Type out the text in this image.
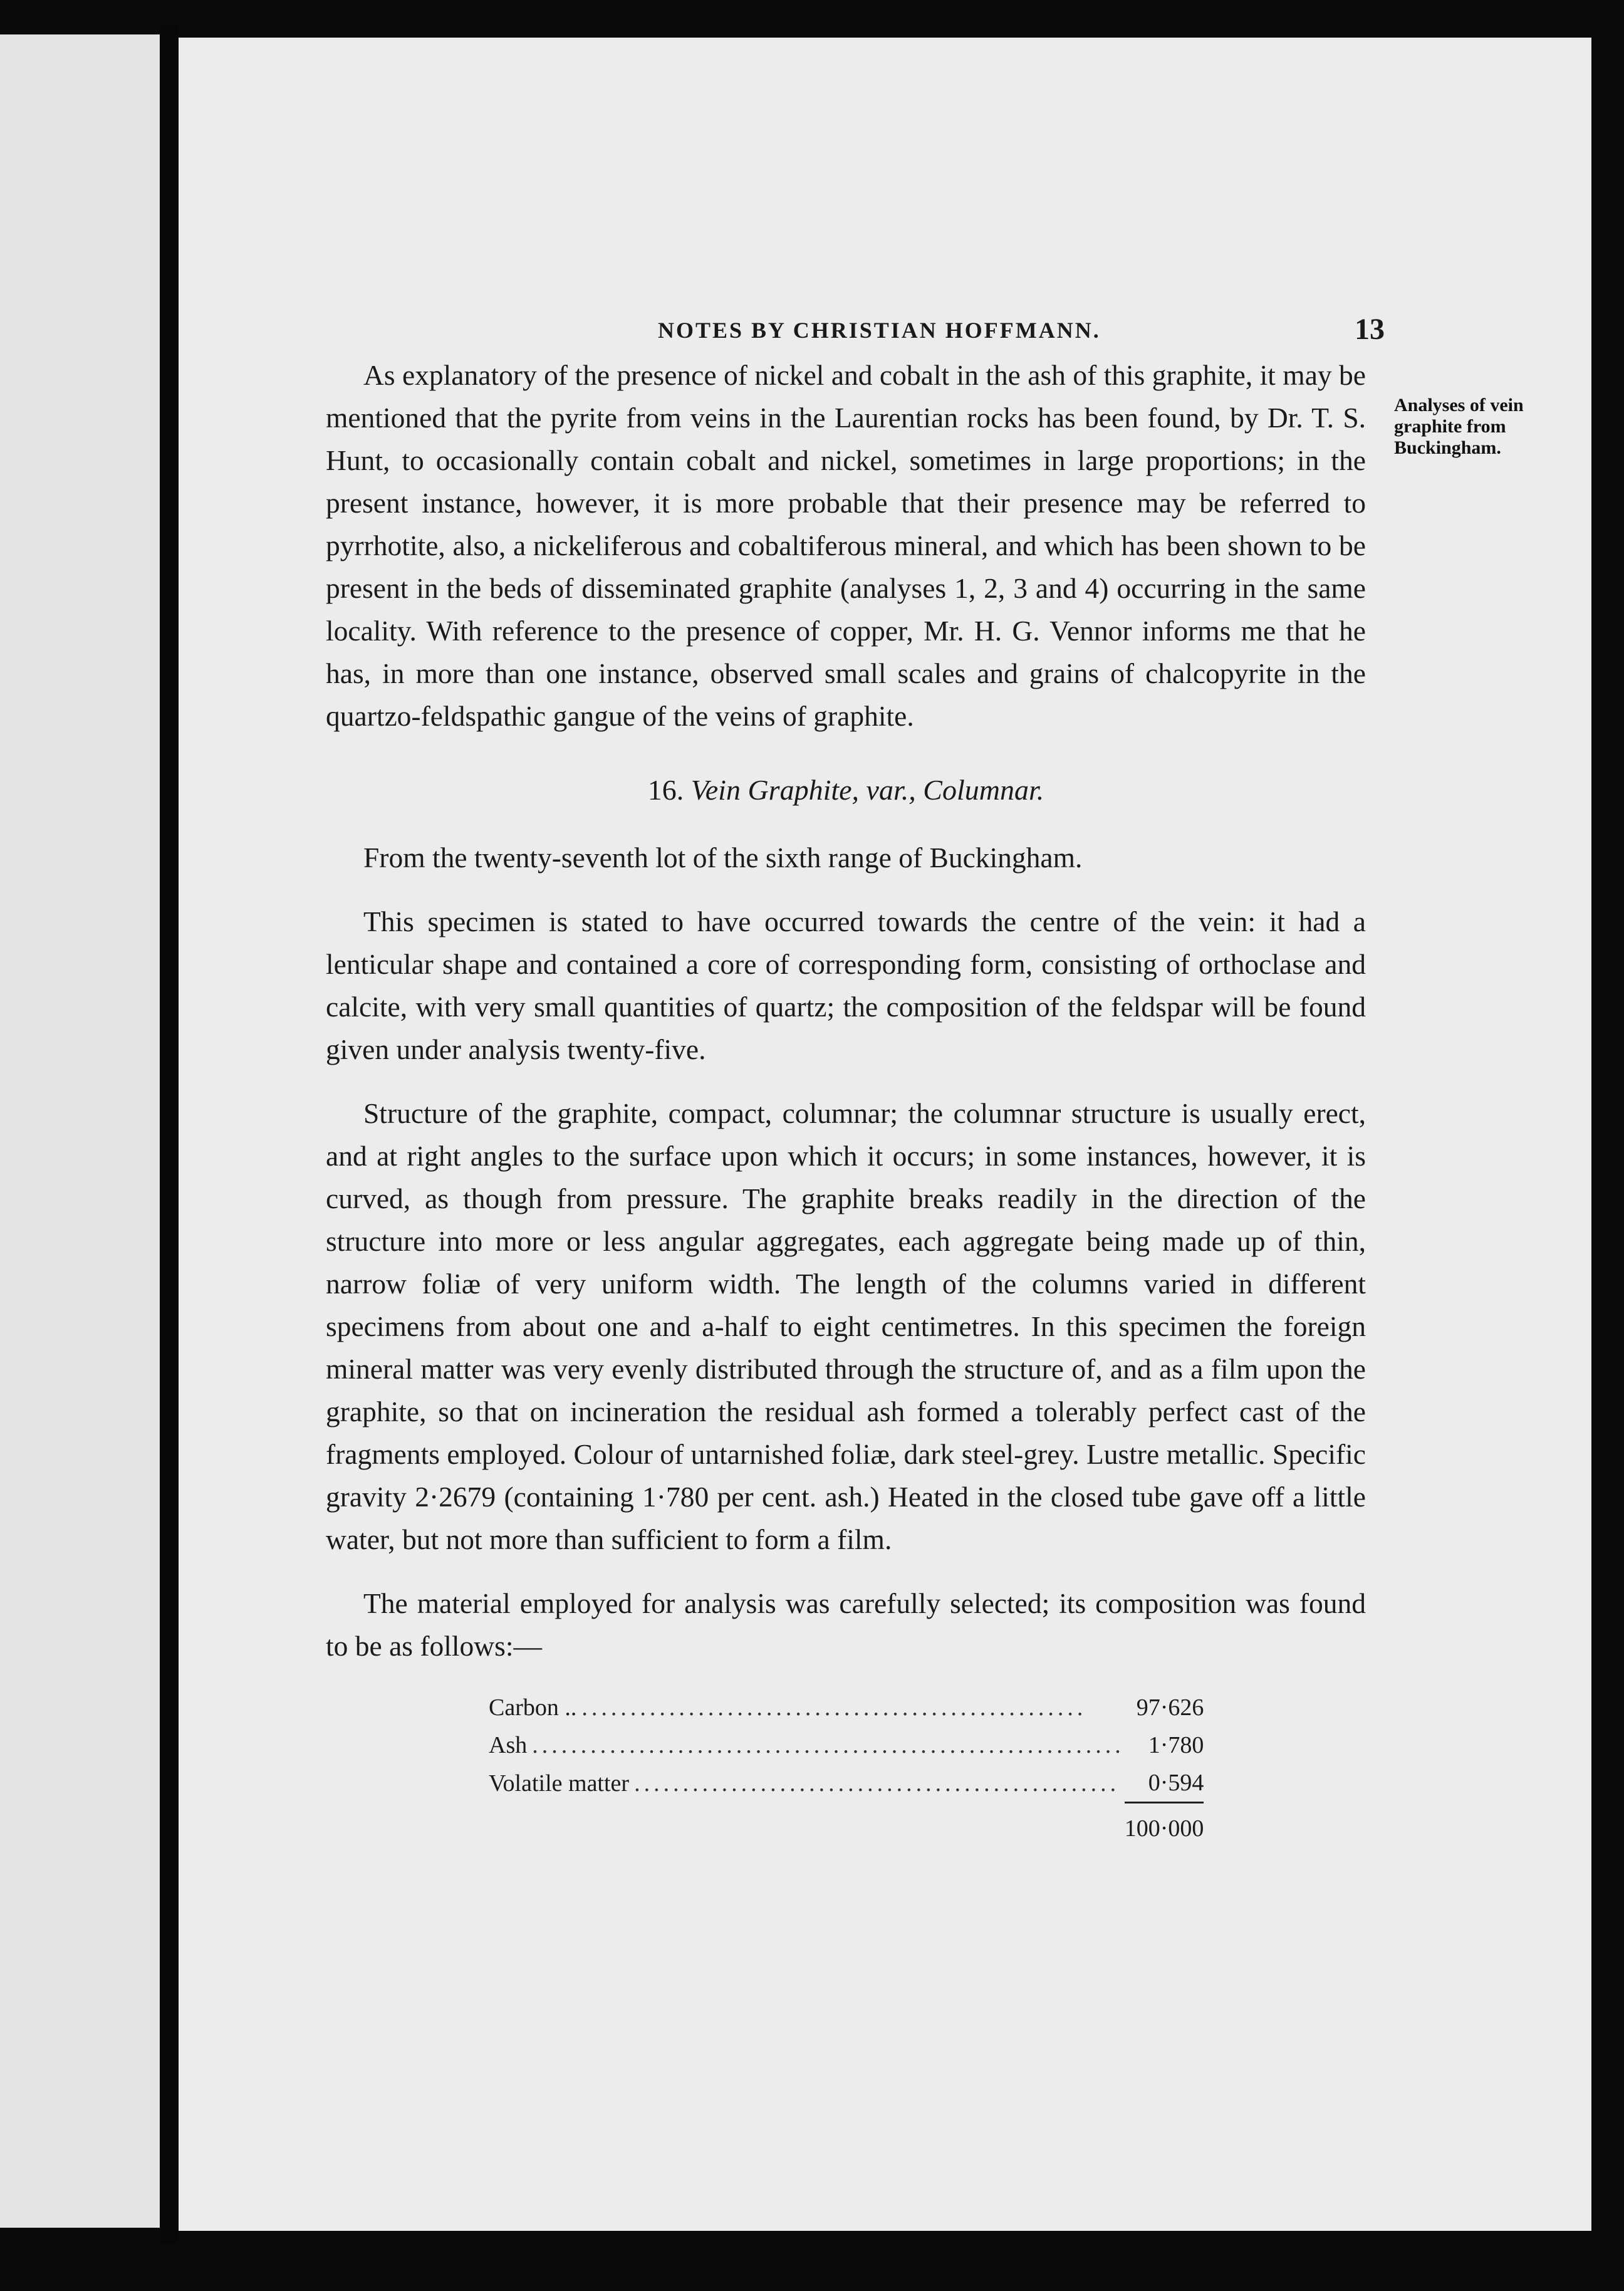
NOTES BY CHRISTIAN HOFFMANN.	13
Analyses of vein graphite from Buckingham.

As explanatory of the presence of nickel and cobalt in the ash of this graphite, it may be mentioned that the pyrite from veins in the Laurentian rocks has been found, by Dr. T. S. Hunt, to occasionally contain cobalt and nickel, sometimes in large proportions; in the present instance, however, it is more probable that their presence may be referred to pyrrhotite, also, a nickeliferous and cobaltiferous mineral, and which has been shown to be present in the beds of disseminated graphite (analyses 1, 2, 3 and 4) occurring in the same locality. With reference to the presence of copper, Mr. H. G. Vennor informs me that he has, in more than one instance, observed small scales and grains of chalcopyrite in the quartzo-feldspathic gangue of the veins of graphite.

16. Vein Graphite, var., Columnar.

From the twenty-seventh lot of the sixth range of Buckingham.

This specimen is stated to have occurred towards the centre of the vein: it had a lenticular shape and contained a core of corresponding form, consisting of orthoclase and calcite, with very small quantities of quartz; the composition of the feldspar will be found given under analysis twenty-five.

Structure of the graphite, compact, columnar; the columnar structure is usually erect, and at right angles to the surface upon which it occurs; in some instances, however, it is curved, as though from pressure. The graphite breaks readily in the direction of the structure into more or less angular aggregates, each aggregate being made up of thin, narrow foliæ of very uniform width. The length of the columns varied in different specimens from about one and a-half to eight centimetres. In this specimen the foreign mineral matter was very evenly distributed through the structure of, and as a film upon the graphite, so that on incineration the residual ash formed a tolerably perfect cast of the fragments employed. Colour of untarnished foliæ, dark steel-grey. Lustre metallic. Specific gravity 2·2679 (containing 1·780 per cent. ash.) Heated in the closed tube gave off a little water, but not more than sufficient to form a film.

The material employed for analysis was carefully selected; its composition was found to be as follows:—

Carbon .. ....................................................	97·626
Ash .............................................................	1·780
Volatile matter ..................................................	0·594
	100·000
